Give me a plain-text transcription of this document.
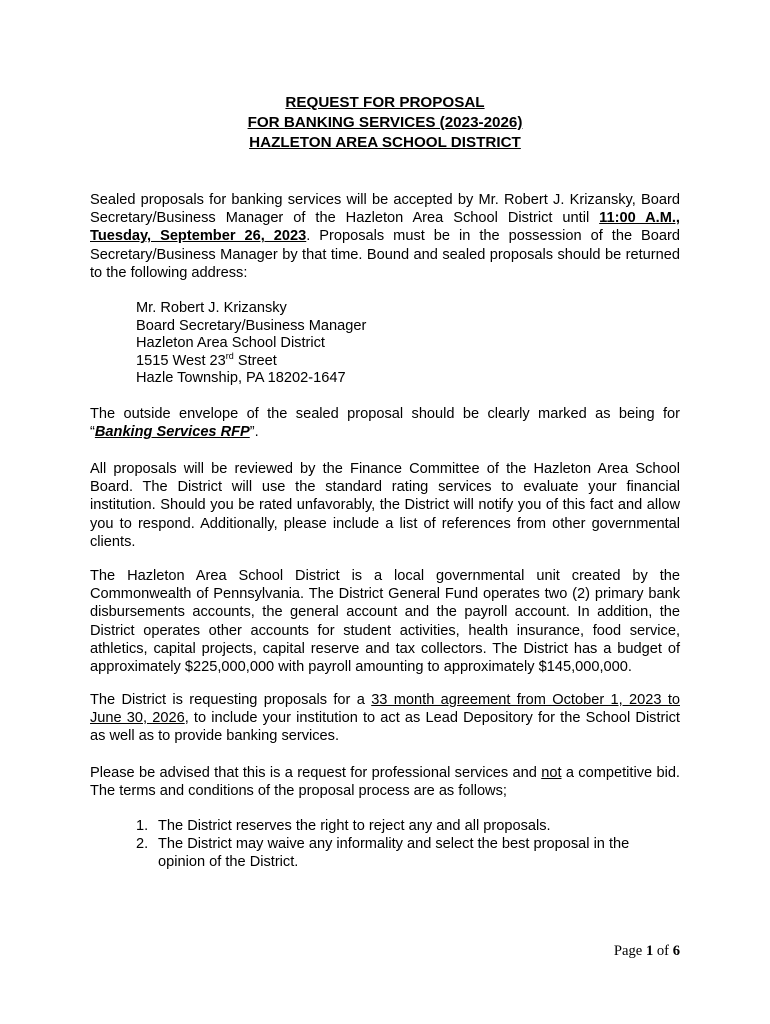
REQUEST FOR PROPOSAL
FOR BANKING SERVICES (2023-2026)
HAZLETON AREA SCHOOL DISTRICT

Sealed proposals for banking services will be accepted by Mr. Robert J. Krizansky, Board Secretary/Business Manager of the Hazleton Area School District until 11:00 A.M., Tuesday, September 26, 2023. Proposals must be in the possession of the Board Secretary/Business Manager by that time. Bound and sealed proposals should be returned to the following address:

Mr. Robert J. Krizansky
Board Secretary/Business Manager
Hazleton Area School District
1515 West 23rd Street
Hazle Township, PA 18202-1647

The outside envelope of the sealed proposal should be clearly marked as being for “Banking Services RFP”.

All proposals will be reviewed by the Finance Committee of the Hazleton Area School Board. The District will use the standard rating services to evaluate your financial institution. Should you be rated unfavorably, the District will notify you of this fact and allow you to respond. Additionally, please include a list of references from other governmental clients.

The Hazleton Area School District is a local governmental unit created by the Commonwealth of Pennsylvania. The District General Fund operates two (2) primary bank disbursements accounts, the general account and the payroll account. In addition, the District operates other accounts for student activities, health insurance, food service, athletics, capital projects, capital reserve and tax collectors. The District has a budget of approximately $225,000,000 with payroll amounting to approximately $145,000,000.

The District is requesting proposals for a 33 month agreement from October 1, 2023 to June 30, 2026, to include your institution to act as Lead Depository for the School District as well as to provide banking services.

Please be advised that this is a request for professional services and not a competitive bid. The terms and conditions of the proposal process are as follows;

1. The District reserves the right to reject any and all proposals.
2. The District may waive any informality and select the best proposal in the opinion of the District.
Page 1 of 6
